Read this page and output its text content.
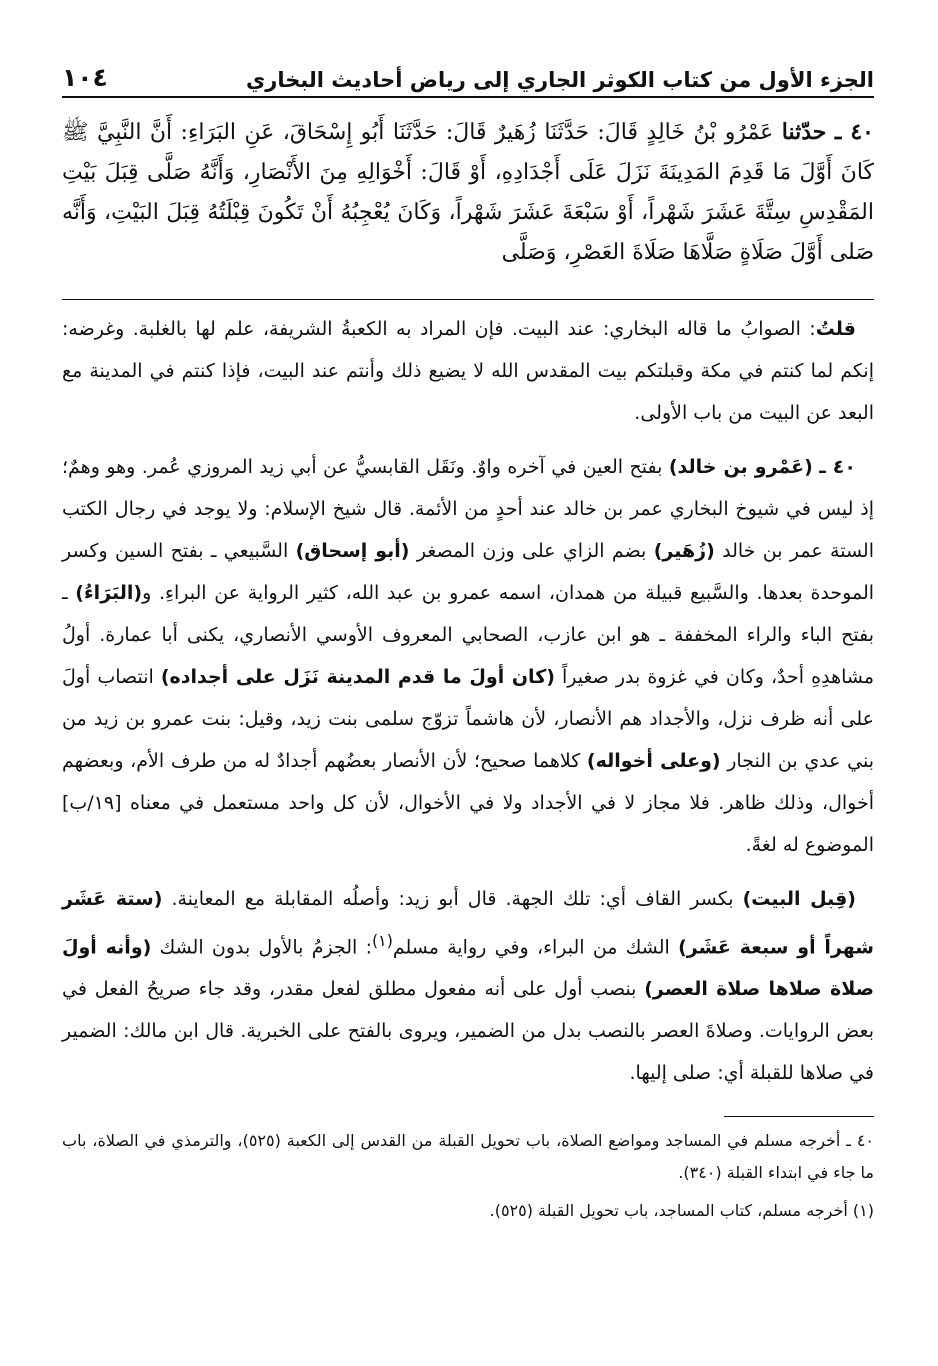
الجزء الأول من كتاب الكوثر الجاري إلى رياض أحاديث البخاري
١٠٤
٤٠ ـ حدّثنا عَمْرُو بْنُ خَالِدٍ قَالَ: حَدَّثَنَا زُهَيرٌ قَالَ: حَدَّثَنَا أَبُو إِسْحَاقَ، عَنِ البَرَاءِ: أَنَّ النَّبِيَّ ﷺ كَانَ أَوَّلَ مَا قَدِمَ المَدِينَةَ نَزَلَ عَلَى أَجْدَادِهِ، أَوْ قَالَ: أَخْوَالِهِ مِنَ الأَنْصَارِ، وَأَنَّهُ صَلَّى قِبَلَ بَيْتِ المَقْدِسِ سِتَّةَ عَشَرَ شَهْراً، أَوْ سَبْعَةَ عَشَرَ شَهْراً، وَكَانَ يُعْجِبُهُ أَنْ تَكُونَ قِبْلَتُهُ قِبَلَ البَيْتِ، وَأَنَّه صَلى أَوَّلَ صَلَاةٍ صَلَّاهَا صَلَاةَ العَصْرِ، وَصَلَّى

قلتُ: الصوابُ ما قاله البخاري: عند البيت. فإن المراد به الكعبةُ الشريفة، علم لها بالغلبة. وغرضه: إنكم لما كنتم في مكة وقبلتكم بيت المقدس الله لا يضيع ذلك وأنتم عند البيت، فإذا كنتم في المدينة مع البعد عن البيت من باب الأولى.

٤٠ ـ (عَمْرو بن خالد) بفتح العين في آخره واوٌ. ونَقَل القابسيُّ عن أبي زيد المروزي عُمر. وهو وهمٌ؛ إذ ليس في شيوخ البخاري عمر بن خالد عند أحدٍ من الأئمة. قال شيخ الإسلام: ولا يوجد في رجال الكتب الستة عمر بن خالد (زُهَير) بضم الزاي على وزن المصغر (أبو إسحاق) السَّبيعي ـ بفتح السين وكسر الموحدة بعدها. والسَّبيع قبيلة من همدان، اسمه عمرو بن عبد الله، كثير الرواية عن البراءِ. و(البَرَاءُ) ـ بفتح الباء والراء المخففة ـ هو ابن عازب، الصحابي المعروف الأوسي الأنصاري، يكنى أبا عمارة. أولُ مشاهدِهِ أحدٌ، وكان في غزوة بدر صغيراً (كان أولَ ما قدم المدينة نَزَل على أجداده) انتصاب أولَ على أنه ظرف نزل، والأجداد هم الأنصار، لأن هاشماً تزوّج سلمى بنت زيد، وقيل: بنت عمرو بن زيد من بني عدي بن النجار (وعلى أخواله) كلاهما صحيح؛ لأن الأنصار بعضُهم أجدادٌ له من طرف الأم، وبعضهم أخوال، وذلك ظاهر. فلا مجاز لا في الأجداد ولا في الأخوال، لأن كل واحد مستعمل في معناه [١٩/ب] الموضوع له لغةً.

(قِبل البيت) بكسر القاف أي: تلك الجهة. قال أبو زيد: وأصلُه المقابلة مع المعاينة. (ستة عَشَر شهراً أو سبعة عَشَر) الشك من البراء، وفي رواية مسلم$^{(١)}$: الجزمُ بالأول بدون الشك (وأنه أولَ صلاة صلاها صلاة العصر) بنصب أول على أنه مفعول مطلق لفعل مقدر، وقد جاء صريحُ الفعل في بعض الروايات. وصلاةَ العصر بالنصب بدل من الضمير، ويروى بالفتح على الخبرية. قال ابن مالك: الضمير في صلاها للقبلة أي: صلى إليها.

٤٠ ـ أخرجه مسلم في المساجد ومواضع الصلاة، باب تحويل القبلة من القدس إلى الكعبة (٥٢٥)، والترمذي في الصلاة، باب ما جاء في ابتداء القبلة (٣٤٠).

(١) أخرجه مسلم، كتاب المساجد، باب تحويل القبلة (٥٢٥).
